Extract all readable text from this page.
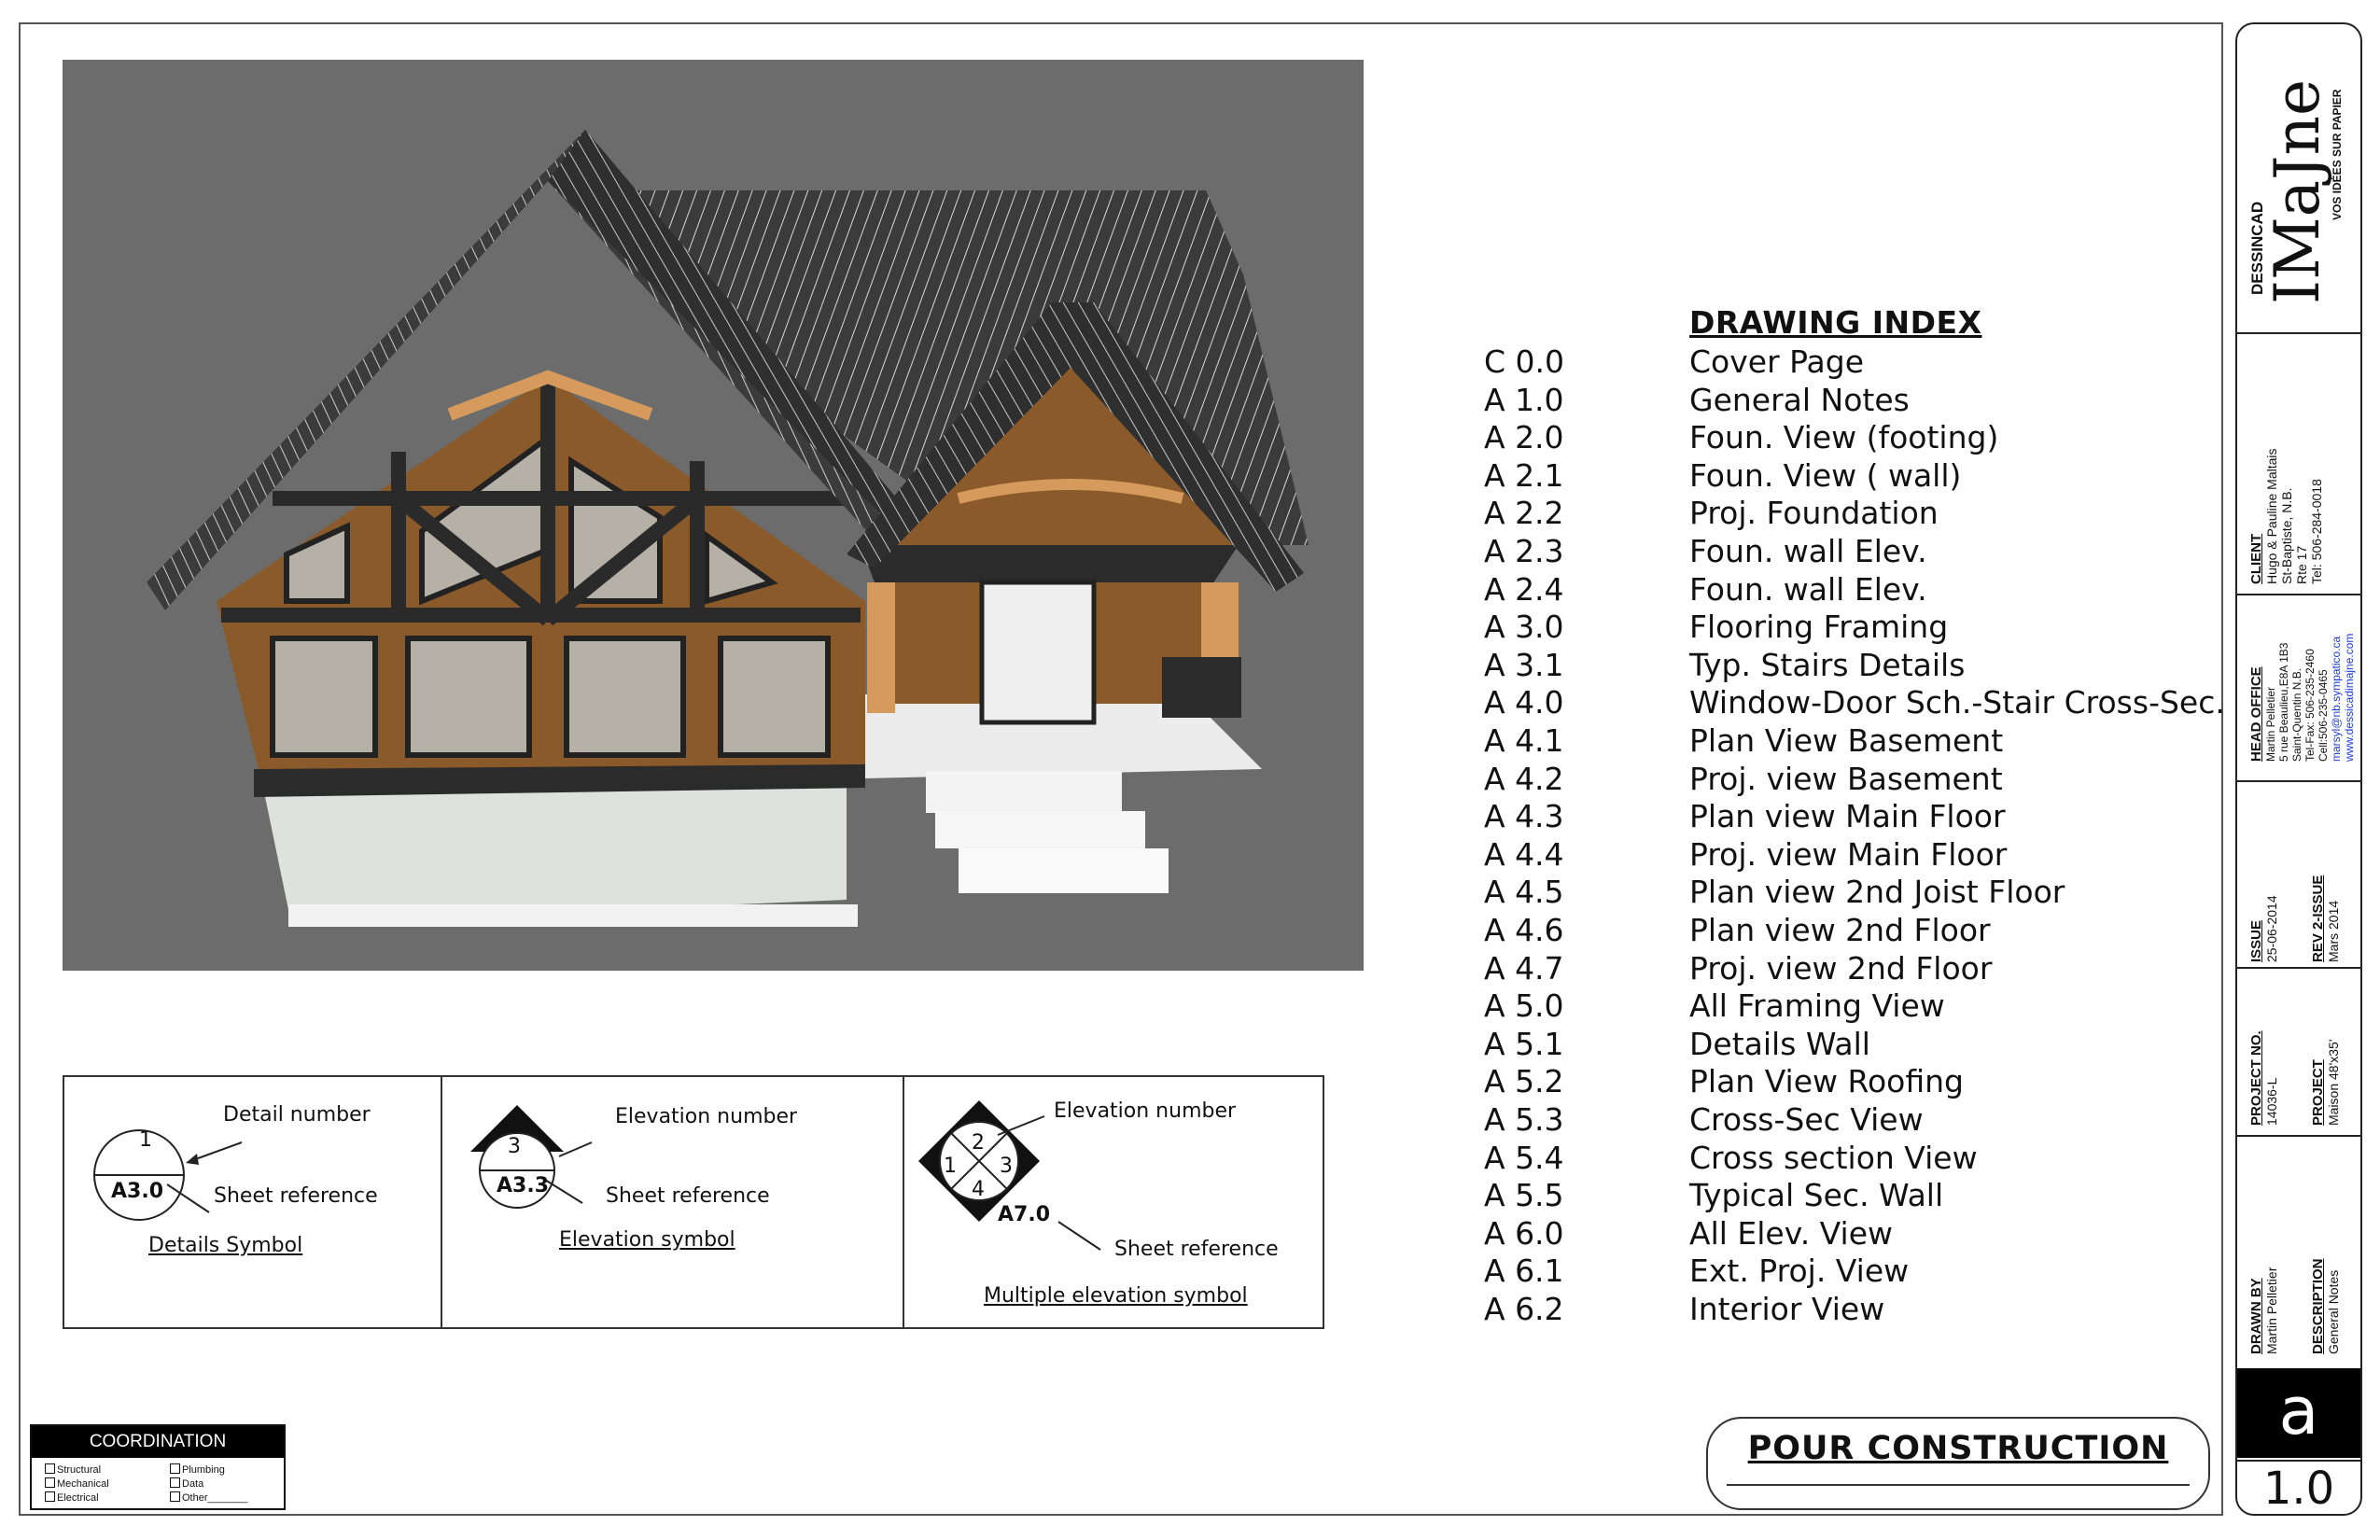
DRAWING INDEX
C 0.0	Cover Page
A 1.0	General Notes
A 2.0	Foun. View (footing)
A 2.1	Foun. View ( wall)
A 2.2	Proj. Foundation
A 2.3	Foun. wall Elev.
A 2.4	Foun. wall Elev.
A 3.0	Flooring Framing
A 3.1	Typ. Stairs Details
A 4.0	Window-Door Sch.-Stair Cross-Sec.
A 4.1	Plan View Basement
A 4.2	Proj. view Basement
A 4.3	Plan view Main Floor
A 4.4	Proj. view Main Floor
A 4.5	Plan view 2nd Joist Floor
A 4.6	Plan view 2nd Floor
A 4.7	Proj. view 2nd Floor
A 5.0	All Framing View
A 5.1	Details Wall
A 5.2	Plan View Roofing
A 5.3	Cross-Sec View
A 5.4	Cross section View
A 5.5	Typical Sec. Wall
A 6.0	All Elev. View
A 6.1	Ext. Proj. View
A 6.2	Interior View
1
A3.0
Detail number
Sheet reference
Details Symbol
3
A3.3
Elevation number
Sheet reference
Elevation symbol
2
1 3
4
A7.0
Elevation number
Sheet reference
Multiple elevation symbol
COORDINATION
Structural	Plumbing
Mechanical	Data
Electrical	Other_______
POUR CONSTRUCTION
DESSINCAD
IMaJne
VOS IDÉES SUR PAPIER
CLIENT Hugo & Pauline Maltais St-Baptiste, N.B. Rte 17 Tel: 506-284-0018
HEAD OFFICE Martin Pelletier 5 rue Beaulieu,E8A 1B3 Saint-Quentin N.B. Tel-Fax: 506-235-2460 Cell:506-235-0465 marsyl@nb.sympatico.ca www.dessicadimajne.com
ISSUE 25-06-2014 REV 2-ISSUE Mars 2014
PROJECT NO. 14036-L PROJECT Maison 48'x35'
DRAWN BY Martin Pelletier DESCRIPTION General Notes
a
1.0
